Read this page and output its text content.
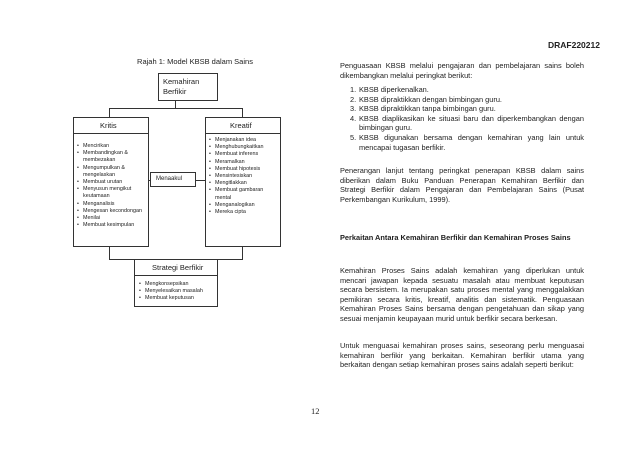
DRAF220212
Rajah 1: Model KBSB dalam Sains
Kemahiran
Berfikir
Kritis
• Mencirikan
• Membandingkan & membezakan
• Mengumpulkan & mengelaskan
• Membuat urutan
• Menyusun mengikut keutamaan
• Menganalisis
• Mengesan kecondongan
• Menilai
• Membuat kesimpulan
Kreatif
• Menjanakan idea
• Menghubungkaitkan
• Membuat inferens
• Meramalkan
• Membuat hipotesis
• Mensintesiskan
• Mengitlakkan
• Membuat gambaran mental
• Menganalogikan
• Mereka cipta
Menaakul
Strategi Berfikir
• Mengkonsepsikan
• Menyelesaikan masalah
• Membuat keputusan
Penguasaan KBSB melalui pengajaran dan pembelajaran sains boleh dikembangkan melalui peringkat berikut:
1. KBSB diperkenalkan.
2. KBSB dipraktikkan dengan bimbingan guru.
3. KBSB dipraktikkan tanpa bimbingan guru.
4. KBSB diaplikasikan ke situasi baru dan diperkembangkan dengan bimbingan guru.
5. KBSB digunakan bersama dengan kemahiran yang lain untuk mencapai tugasan berfikir.
Penerangan lanjut tentang peringkat penerapan KBSB dalam sains diberikan dalam Buku Panduan Penerapan Kemahiran Berfikir dan Strategi Berfikir dalam Pengajaran dan Pembelajaran Sains (Pusat Perkembangan Kurikulum, 1999).
Perkaitan Antara Kemahiran Berfikir dan Kemahiran Proses Sains
Kemahiran Proses Sains adalah kemahiran yang diperlukan untuk mencari jawapan kepada sesuatu masalah atau membuat keputusan secara bersistem. Ia merupakan satu proses mental yang menggalakkan pemikiran secara kritis, kreatif, analitis dan sistematik. Penguasaan Kemahiran Proses Sains bersama dengan pengetahuan dan sikap yang sesuai menjamin keupayaan murid untuk berfikir secara berkesan.
Untuk menguasai kemahiran proses sains, seseorang perlu menguasai kemahiran berfikir yang berkaitan. Kemahiran berfikir utama yang berkaitan dengan setiap kemahiran proses sains adalah seperti berikut:
12
